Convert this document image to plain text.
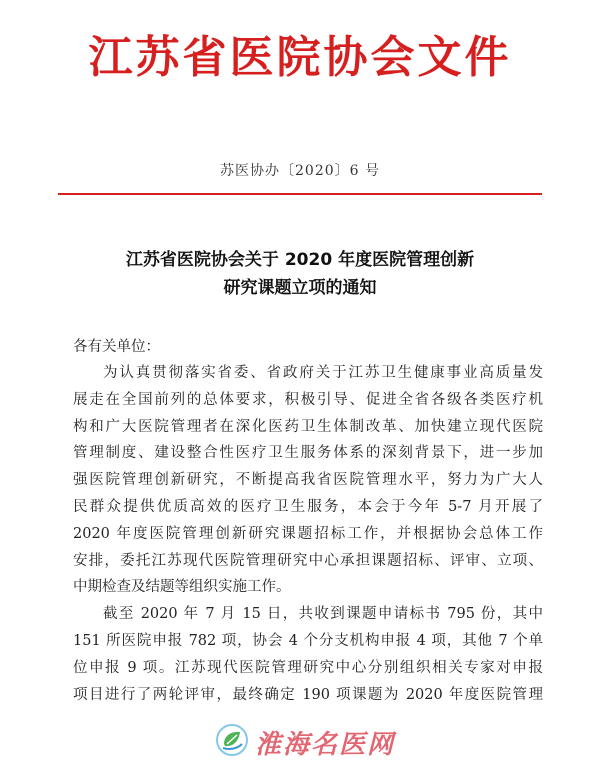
江苏省医院协会文件
苏医协办〔2020〕6 号
江苏省医院协会关于 2020 年度医院管理创新
研究课题立项的通知
各有关单位：
为认真贯彻落实省委、省政府关于江苏卫生健康事业高质量发
展走在全国前列的总体要求，积极引导、促进全省各级各类医疗机
构和广大医院管理者在深化医药卫生体制改革、加快建立现代医院
管理制度、建设整合性医疗卫生服务体系的深刻背景下，进一步加
强医院管理创新研究，不断提高我省医院管理水平，努力为广大人
民群众提供优质高效的医疗卫生服务，本会于今年 5-7 月开展了
2020 年度医院管理创新研究课题招标工作，并根据协会总体工作
安排，委托江苏现代医院管理研究中心承担课题招标、评审、立项、
中期检查及结题等组织实施工作。
截至 2020 年 7 月 15 日，共收到课题申请标书 795 份，其中
151 所医院申报 782 项，协会 4 个分支机构申报 4 项，其他 7 个单
位申报 9 项。江苏现代医院管理研究中心分别组织相关专家对申报
项目进行了两轮评审，最终确定 190 项课题为 2020 年度医院管理
淮海名医网
